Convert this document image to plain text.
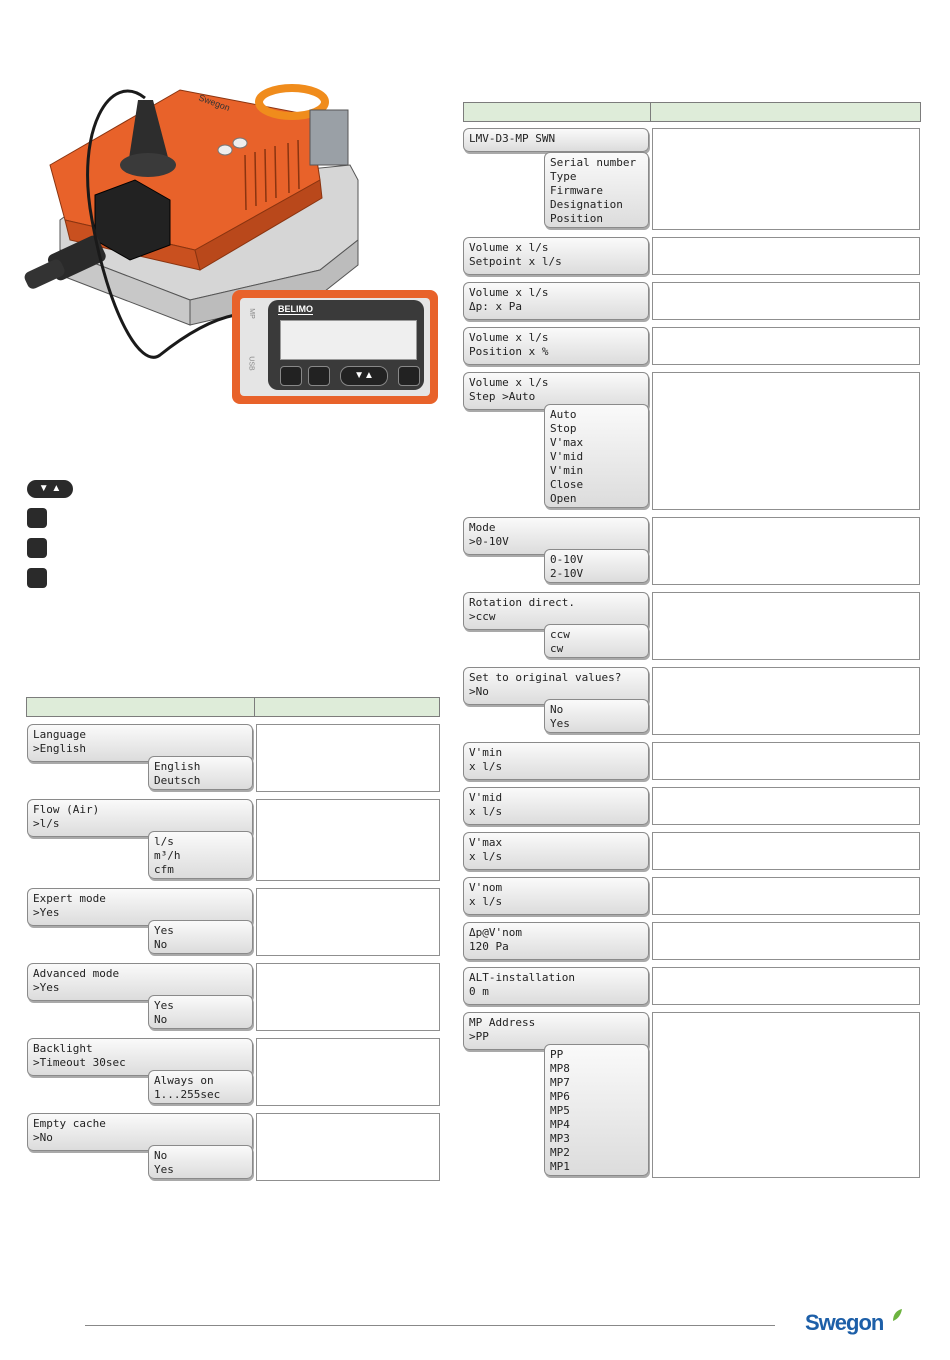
Swegon
MP
USB
BELIMO
▼▲
▼ ▲
Language
>English
English
Deutsch
Flow (Air)
>l/s
l/s
m³/h
cfm
Expert mode
>Yes
Yes
No
Advanced mode
>Yes
Yes
No
Backlight
>Timeout 30sec
Always on
1...255sec
Empty cache
>No
No
Yes
LMV-D3-MP SWN
Serial number
Type
Firmware
Designation
Position
Volume x l/s
Setpoint x l/s
Volume x l/s
Δp: x Pa
Volume x l/s
Position x %
Volume x l/s
Step >Auto
Auto
Stop
V'max
V'mid
V'min
Close
Open
Mode
>0-10V
0-10V
2-10V
Rotation direct.
>ccw
ccw
cw
Set to original values?
>No
No
Yes
V'min
x l/s
V'mid
x l/s
V'max
x l/s
V'nom
x l/s
Δp@V'nom
120 Pa
ALT-installation
0 m
MP Address
>PP
PP
MP8
MP7
MP6
MP5
MP4
MP3
MP2
MP1
Swegon
